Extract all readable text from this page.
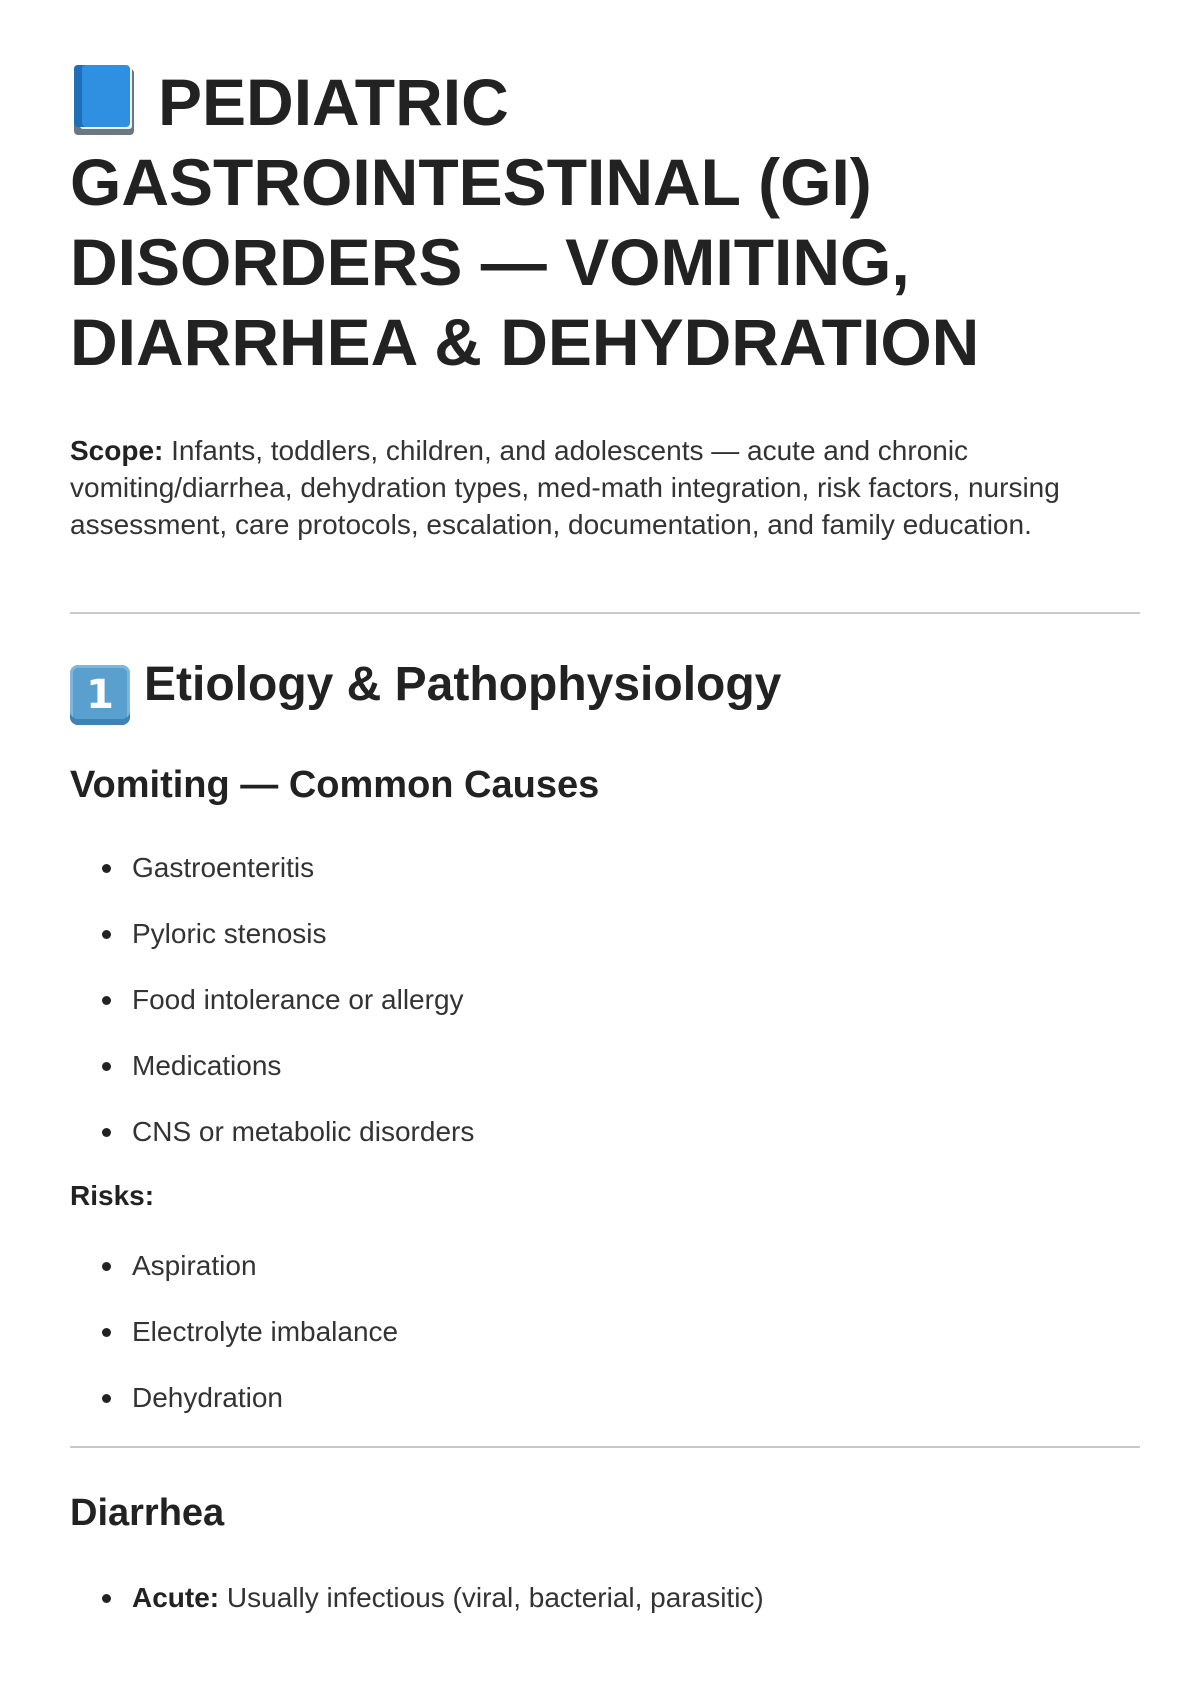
PEDIATRIC GASTROINTESTINAL (GI) DISORDERS — VOMITING, DIARRHEA & DEHYDRATION

Scope: Infants, toddlers, children, and adolescents — acute and chronic vomiting/diarrhea, dehydration types, med-math integration, risk factors, nursing assessment, care protocols, escalation, documentation, and family education.

1 Etiology & Pathophysiology
Vomiting — Common Causes
Gastroenteritis
Pyloric stenosis
Food intolerance or allergy
Medications
CNS or metabolic disorders

Risks:

Aspiration
Electrolyte imbalance
Dehydration
Diarrhea
Acute: Usually infectious (viral, bacterial, parasitic)
